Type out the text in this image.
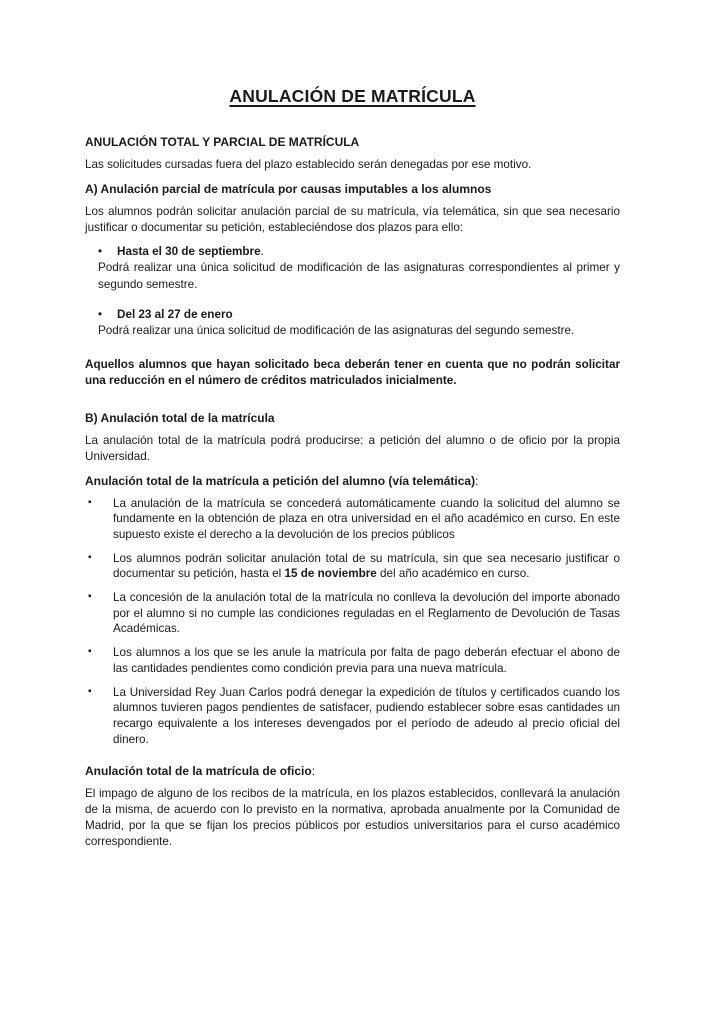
ANULACIÓN DE MATRÍCULA

ANULACIÓN TOTAL Y PARCIAL DE MATRÍCULA

Las solicitudes cursadas fuera del plazo establecido serán denegadas por ese motivo.

A) Anulación parcial de matrícula por causas imputables a los alumnos

Los alumnos podrán solicitar anulación parcial de su matrícula, vía telemática, sin que sea necesario justificar o documentar su petición, estableciéndose dos plazos para ello:

• Hasta el 30 de septiembre.

Podrá realizar una única solicitud de modificación de las asignaturas correspondientes al primer y segundo semestre.

• Del 23 al 27 de enero

Podrá realizar una única solicitud de modificación de las asignaturas del segundo semestre.

Aquellos alumnos que hayan solicitado beca deberán tener en cuenta que no podrán solicitar una reducción en el número de créditos matriculados inicialmente.

B) Anulación total de la matrícula

La anulación total de la matrícula podrá producirse: a petición del alumno o de oficio por la propia Universidad.

Anulación total de la matrícula a petición del alumno (vía telemática):

▪ La anulación de la matrícula se concederá automáticamente cuando la solicitud del alumno se fundamente en la obtención de plaza en otra universidad en el año académico en curso. En este supuesto existe el derecho a la devolución de los precios públicos
▪ Los alumnos podrán solicitar anulación total de su matrícula, sin que sea necesario justificar o documentar su petición, hasta el 15 de noviembre del año académico en curso.
▪ La concesión de la anulación total de la matrícula no conlleva la devolución del importe abonado por el alumno si no cumple las condiciones reguladas en el Reglamento de Devolución de Tasas Académicas.
▪ Los alumnos a los que se les anule la matrícula por falta de pago deberán efectuar el abono de las cantidades pendientes como condición previa para una nueva matrícula.
▪ La Universidad Rey Juan Carlos podrá denegar la expedición de títulos y certificados cuando los alumnos tuvieren pagos pendientes de satisfacer, pudiendo establecer sobre esas cantidades un recargo equivalente a los intereses devengados por el período de adeudo al precio oficial del dinero.

Anulación total de la matrícula de oficio:

El impago de alguno de los recibos de la matrícula, en los plazos establecidos, conllevará la anulación de la misma, de acuerdo con lo previsto en la normativa, aprobada anualmente por la Comunidad de Madrid, por la que se fijan los precios públicos por estudios universitarios para el curso académico correspondiente.
